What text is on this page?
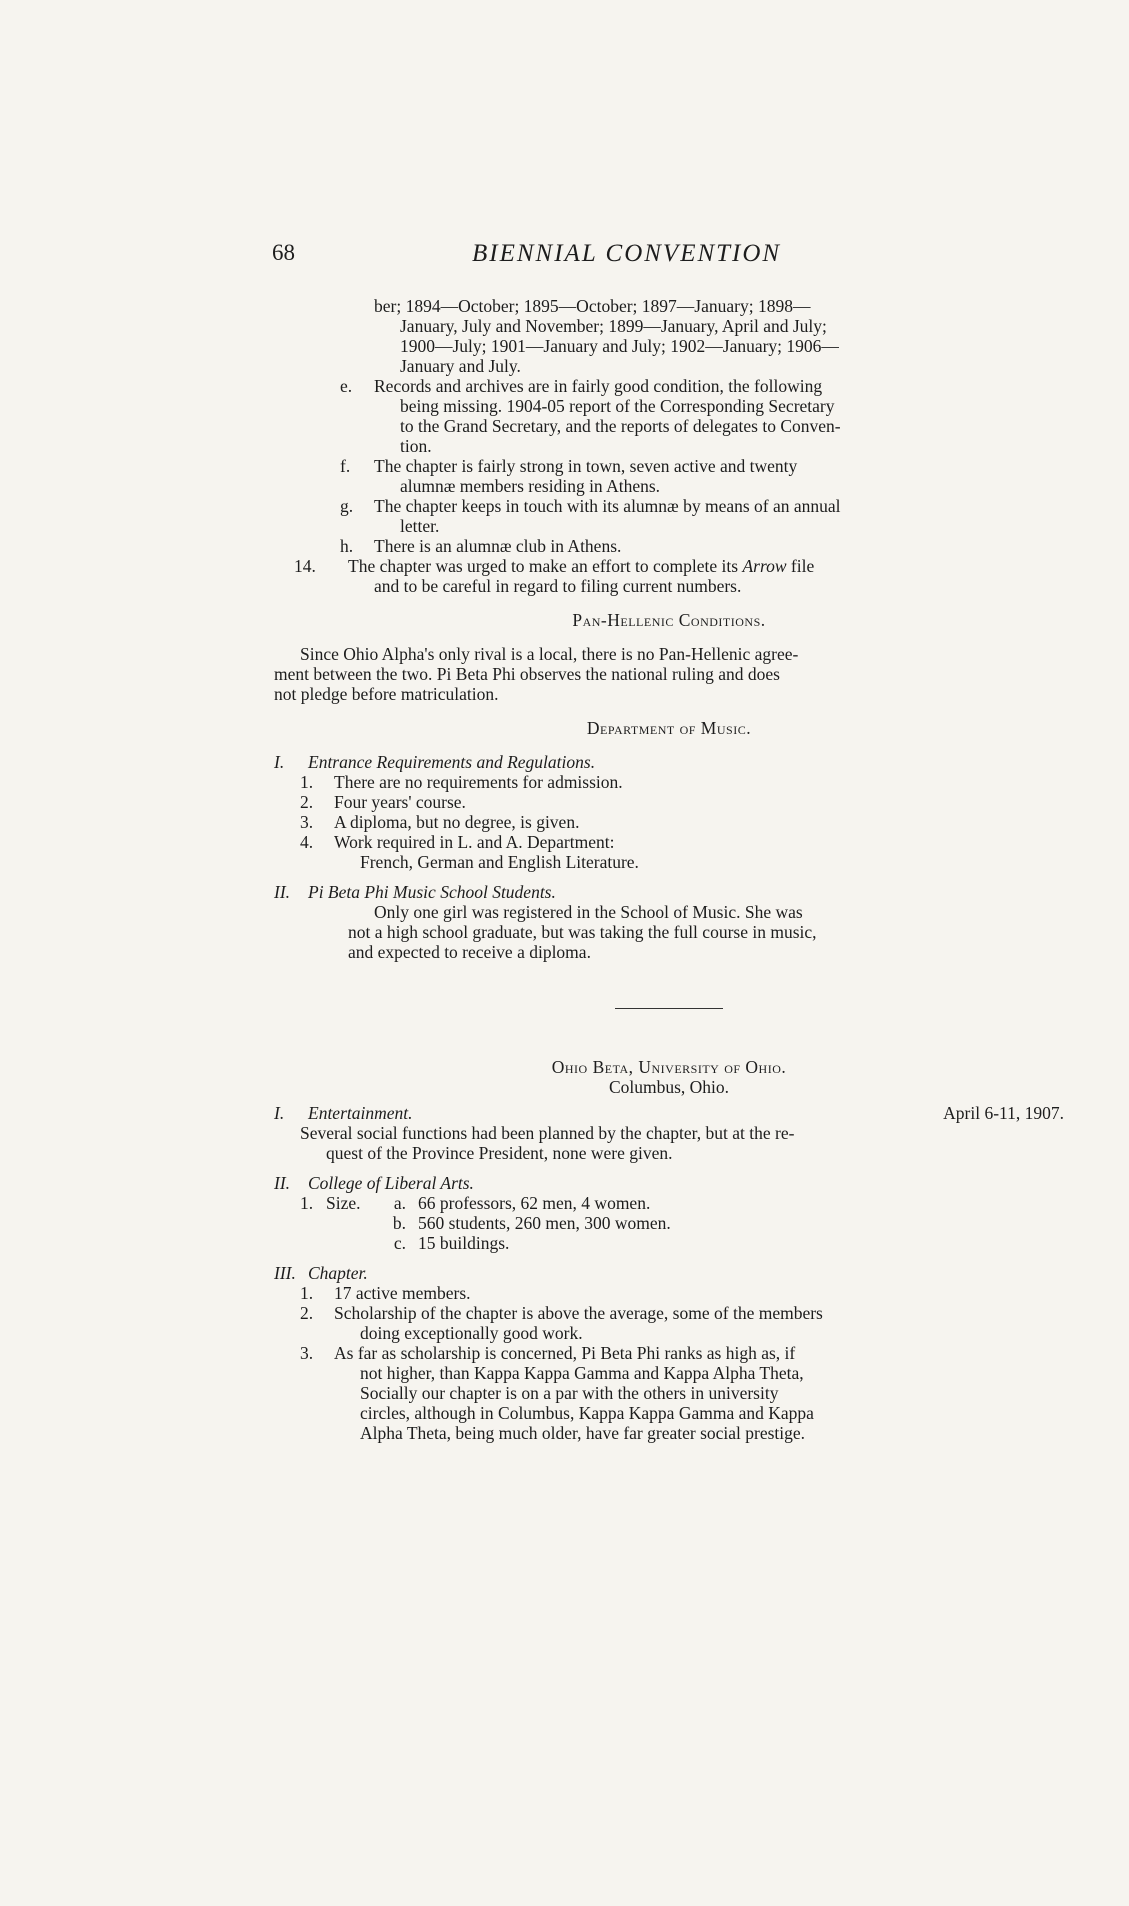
68	BIENNIAL CONVENTION

ber; 1894—October; 1895—October; 1897—January; 1898—

January, July and November; 1899—January, April and July;

1900—July; 1901—January and July; 1902—January; 1906—

January and July.

e. Records and archives are in fairly good condition, the following

being missing. 1904-05 report of the Corresponding Secretary

to the Grand Secretary, and the reports of delegates to Conven-

tion.

f. The chapter is fairly strong in town, seven active and twenty

alumnæ members residing in Athens.

g. The chapter keeps in touch with its alumnæ by means of an annual

letter.

h. There is an alumnæ club in Athens.

14. The chapter was urged to make an effort to complete its Arrow file

and to be careful in regard to filing current numbers.

Pan-Hellenic Conditions.

Since Ohio Alpha's only rival is a local, there is no Pan-Hellenic agree-

ment between the two. Pi Beta Phi observes the national ruling and does

not pledge before matriculation.

Department of Music.

I. Entrance Requirements and Regulations.
1. There are no requirements for admission.
2. Four years' course.
3. A diploma, but no degree, is given.
4. Work required in L. and A. Department:

French, German and English Literature.

II. Pi Beta Phi Music School Students.

Only one girl was registered in the School of Music. She was

not a high school graduate, but was taking the full course in music,

and expected to receive a diploma.

Ohio Beta, University of Ohio.

Columbus, Ohio.

I. Entertainment.	April 6-11, 1907.

Several social functions had been planned by the chapter, but at the re-

quest of the Province President, none were given.

II. College of Liberal Arts.
1. Size.	a. 66 professors, 62 men, 4 women.
b. 560 students, 260 men, 300 women.
c. 15 buildings.
III. Chapter.
1. 17 active members.

2. Scholarship of the chapter is above the average, some of the members

doing exceptionally good work.

3. As far as scholarship is concerned, Pi Beta Phi ranks as high as, if

not higher, than Kappa Kappa Gamma and Kappa Alpha Theta,

Socially our chapter is on a par with the others in university

circles, although in Columbus, Kappa Kappa Gamma and Kappa

Alpha Theta, being much older, have far greater social prestige.
